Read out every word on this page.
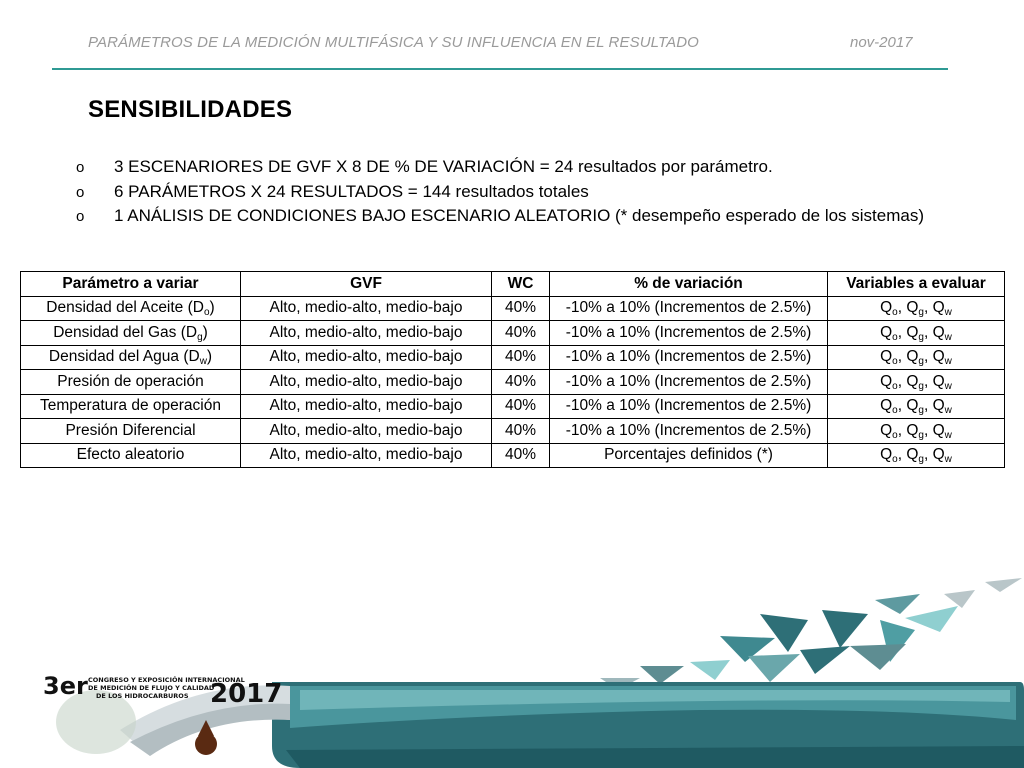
PARÁMETROS DE LA MEDICIÓN MULTIFÁSICA Y SU INFLUENCIA EN EL RESULTADO	nov-2017
SENSIBILIDADES
o	3 ESCENARIORES DE GVF X 8 DE % DE VARIACIÓN = 24 resultados por parámetro.
o	6 PARÁMETROS X 24 RESULTADOS = 144 resultados totales
o	1 ANÁLISIS DE CONDICIONES BAJO ESCENARIO ALEATORIO (* desempeño esperado de los sistemas)
Parámetro a variar	GVF	WC	% de variación	Variables a evaluar
Densidad del Aceite $(D_o)$	Alto, medio-alto, medio-bajo	40%	-10% a 10% (Incrementos de 2.5%)	$Q_o$, $Q_g$, $Q_w$
Densidad del Gas $(D_g)$	Alto, medio-alto, medio-bajo	40%	-10% a 10% (Incrementos de 2.5%)	$Q_o$, $Q_g$, $Q_w$
Densidad del Agua $(D_w)$	Alto, medio-alto, medio-bajo	40%	-10% a 10% (Incrementos de 2.5%)	$Q_o$, $Q_g$, $Q_w$
Presión de operación	Alto, medio-alto, medio-bajo	40%	-10% a 10% (Incrementos de 2.5%)	$Q_o$, $Q_g$, $Q_w$
Temperatura de operación	Alto, medio-alto, medio-bajo	40%	-10% a 10% (Incrementos de 2.5%)	$Q_o$, $Q_g$, $Q_w$
Presión Diferencial	Alto, medio-alto, medio-bajo	40%	-10% a 10% (Incrementos de 2.5%)	$Q_o$, $Q_g$, $Q_w$
Efecto aleatorio	Alto, medio-alto, medio-bajo	40%	Porcentajes definidos (*)	$Q_o$, $Q_g$, $Q_w$
3er CONGRESO Y EXPOSICIÓN INTERNACIONAL
DE MEDICIÓN DE FLUJO Y CALIDAD
DE LOS HIDROCARBUROS 2017
